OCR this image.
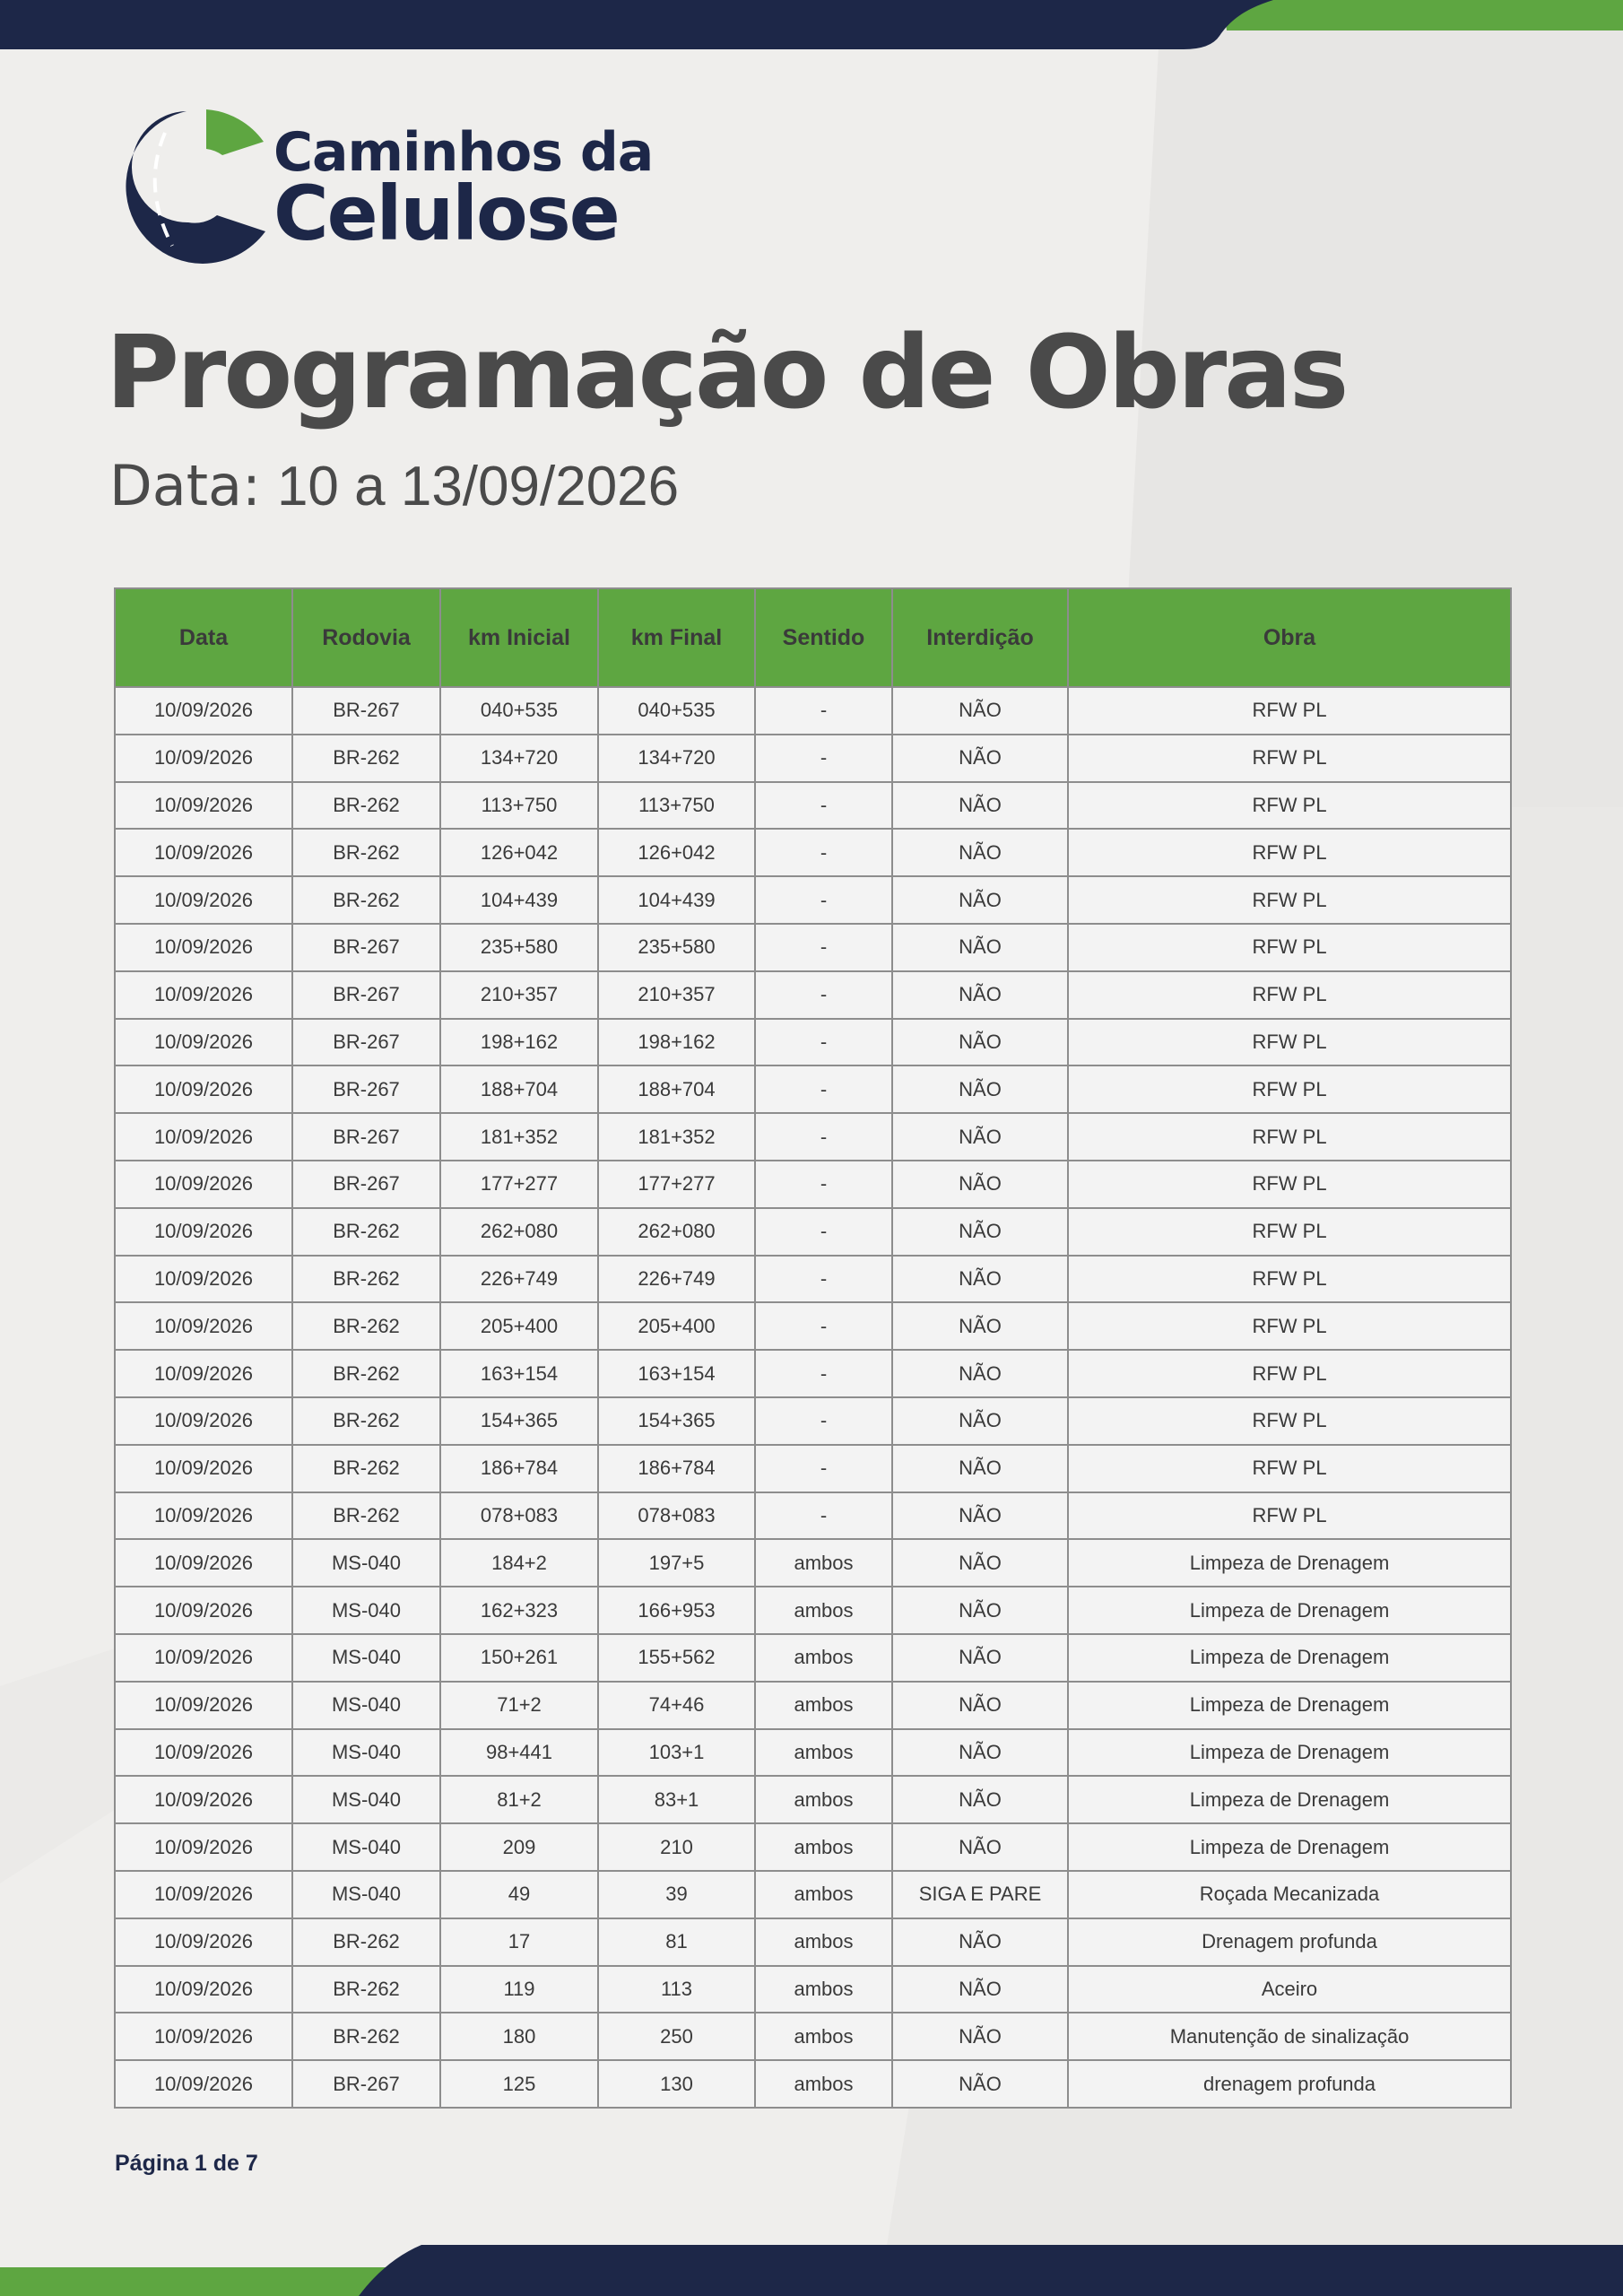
Caminhos da
Celulose
Programação de Obras
Data: 10 a 13/09/2026
Data	Rodovia	km Inicial	km Final	Sentido	Interdição	Obra
10/09/2026	BR-267	040+535	040+535	-	NÃO	RFW PL
10/09/2026	BR-262	134+720	134+720	-	NÃO	RFW PL
10/09/2026	BR-262	113+750	113+750	-	NÃO	RFW PL
10/09/2026	BR-262	126+042	126+042	-	NÃO	RFW PL
10/09/2026	BR-262	104+439	104+439	-	NÃO	RFW PL
10/09/2026	BR-267	235+580	235+580	-	NÃO	RFW PL
10/09/2026	BR-267	210+357	210+357	-	NÃO	RFW PL
10/09/2026	BR-267	198+162	198+162	-	NÃO	RFW PL
10/09/2026	BR-267	188+704	188+704	-	NÃO	RFW PL
10/09/2026	BR-267	181+352	181+352	-	NÃO	RFW PL
10/09/2026	BR-267	177+277	177+277	-	NÃO	RFW PL
10/09/2026	BR-262	262+080	262+080	-	NÃO	RFW PL
10/09/2026	BR-262	226+749	226+749	-	NÃO	RFW PL
10/09/2026	BR-262	205+400	205+400	-	NÃO	RFW PL
10/09/2026	BR-262	163+154	163+154	-	NÃO	RFW PL
10/09/2026	BR-262	154+365	154+365	-	NÃO	RFW PL
10/09/2026	BR-262	186+784	186+784	-	NÃO	RFW PL
10/09/2026	BR-262	078+083	078+083	-	NÃO	RFW PL
10/09/2026	MS-040	184+2	197+5	ambos	NÃO	Limpeza de Drenagem
10/09/2026	MS-040	162+323	166+953	ambos	NÃO	Limpeza de Drenagem
10/09/2026	MS-040	150+261	155+562	ambos	NÃO	Limpeza de Drenagem
10/09/2026	MS-040	71+2	74+46	ambos	NÃO	Limpeza de Drenagem
10/09/2026	MS-040	98+441	103+1	ambos	NÃO	Limpeza de Drenagem
10/09/2026	MS-040	81+2	83+1	ambos	NÃO	Limpeza de Drenagem
10/09/2026	MS-040	209	210	ambos	NÃO	Limpeza de Drenagem
10/09/2026	MS-040	49	39	ambos	SIGA E PARE	Roçada Mecanizada
10/09/2026	BR-262	17	81	ambos	NÃO	Drenagem profunda
10/09/2026	BR-262	119	113	ambos	NÃO	Aceiro
10/09/2026	BR-262	180	250	ambos	NÃO	Manutenção de sinalização
10/09/2026	BR-267	125	130	ambos	NÃO	drenagem profunda
Página 1 de 7
